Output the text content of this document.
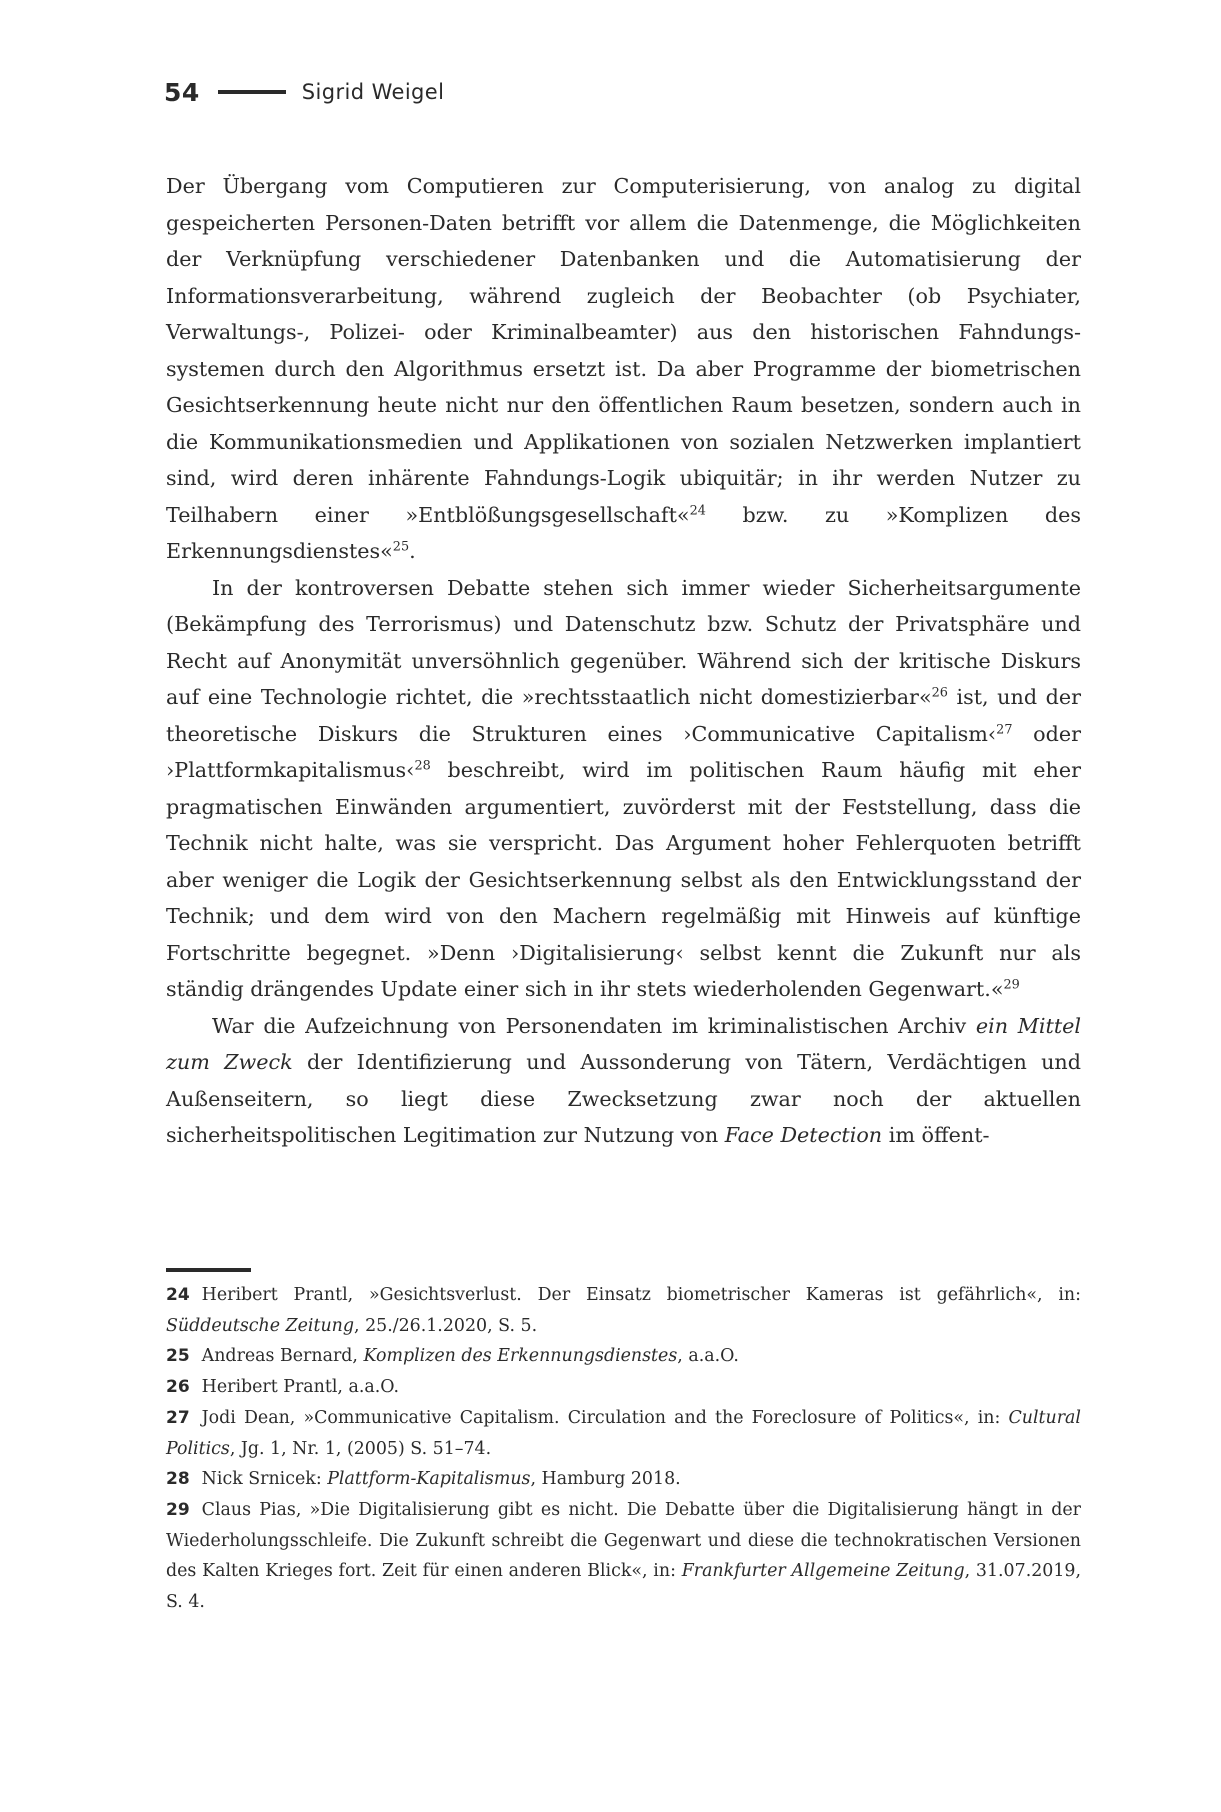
54	Sigrid Weigel

Der Übergang vom Computieren zur Computerisierung, von analog zu digital gespeicherten Personen-Daten betrifft vor allem die Datenmenge, die Möglichkeiten der Verknüpfung verschiedener Datenbanken und die Automatisierung der Informationsverarbeitung, während zugleich der Beobachter (ob Psychiater, Verwaltungs-, Polizei- oder Kriminalbeamter) aus den historischen Fahndungssystemen durch den Algorithmus ersetzt ist. Da aber Programme der biometrischen Gesichtserkennung heute nicht nur den öffentlichen Raum besetzen, sondern auch in die Kommunikationsmedien und Applikationen von sozialen Netzwerken implantiert sind, wird deren inhärente Fahndungs-Logik ubiquitär; in ihr werden Nutzer zu Teilhabern einer »Entblößungsgesellschaft«$^{24}$ bzw. zu »Komplizen des Erkennungsdienstes«$^{25}$.

In der kontroversen Debatte stehen sich immer wieder Sicherheitsargumente (Bekämpfung des Terrorismus) und Datenschutz bzw. Schutz der Privatsphäre und Recht auf Anonymität unversöhnlich gegenüber. Während sich der kritische Diskurs auf eine Technologie richtet, die »rechtsstaatlich nicht domestizierbar«$^{26}$ ist, und der theoretische Diskurs die Strukturen eines ›Communicative Capitalism‹$^{27}$ oder ›Plattformkapitalismus‹$^{28}$ beschreibt, wird im politischen Raum häufig mit eher pragmatischen Einwänden argumentiert, zuvörderst mit der Feststellung, dass die Technik nicht halte, was sie verspricht. Das Argument hoher Fehlerquoten betrifft aber weniger die Logik der Gesichtserkennung selbst als den Entwicklungsstand der Technik; und dem wird von den Machern regelmäßig mit Hinweis auf künftige Fortschritte begegnet. »Denn ›Digitalisierung‹ selbst kennt die Zukunft nur als ständig drängendes Update einer sich in ihr stets wiederholenden Gegenwart.«$^{29}$

War die Aufzeichnung von Personendaten im kriminalistischen Archiv ein Mittel zum Zweck der Identifizierung und Aussonderung von Tätern, Verdächtigen und Außenseitern, so liegt diese Zwecksetzung zwar noch der aktuellen sicherheitspolitischen Legitimation zur Nutzung von Face Detection im öffent-

24 Heribert Prantl, »Gesichtsverlust. Der Einsatz biometrischer Kameras ist gefährlich«, in: Süddeutsche Zeitung, 25./26.1.2020, S. 5.

25 Andreas Bernard, Komplizen des Erkennungsdienstes, a.a.O.

26 Heribert Prantl, a.a.O.

27 Jodi Dean, »Communicative Capitalism. Circulation and the Foreclosure of Politics«, in: Cultural Politics, Jg. 1, Nr. 1, (2005) S. 51–74.

28 Nick Srnicek: Plattform-Kapitalismus, Hamburg 2018.

29 Claus Pias, »Die Digitalisierung gibt es nicht. Die Debatte über die Digitalisierung hängt in der Wiederholungsschleife. Die Zukunft schreibt die Gegenwart und diese die technokratischen Versionen des Kalten Krieges fort. Zeit für einen anderen Blick«, in: Frankfurter Allgemeine Zeitung, 31.07.2019, S. 4.
